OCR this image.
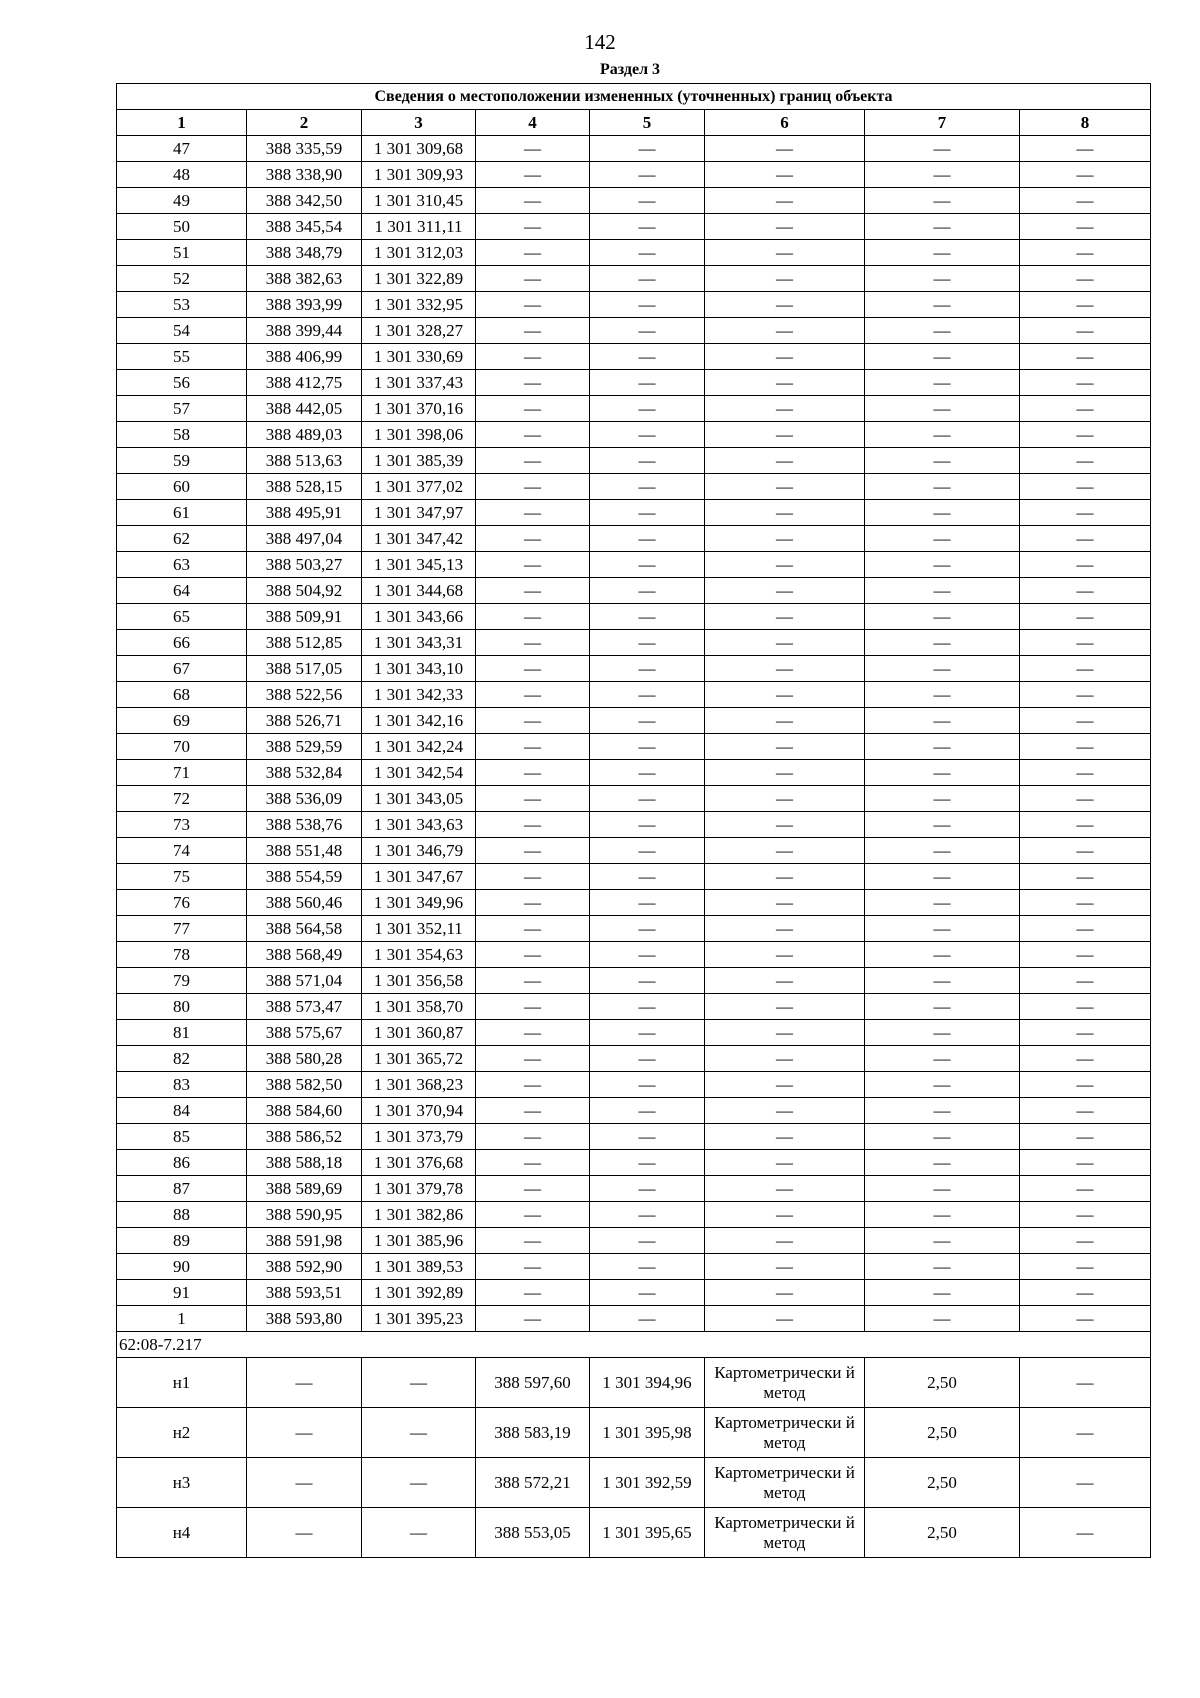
142
Раздел 3
Сведения о местоположении измененных (уточненных) границ объекта							
1	2	3	4	5	6	7	8
47	388 335,59	1 301 309,68	—	—	—	—	—
48	388 338,90	1 301 309,93	—	—	—	—	—
49	388 342,50	1 301 310,45	—	—	—	—	—
50	388 345,54	1 301 311,11	—	—	—	—	—
51	388 348,79	1 301 312,03	—	—	—	—	—
52	388 382,63	1 301 322,89	—	—	—	—	—
53	388 393,99	1 301 332,95	—	—	—	—	—
54	388 399,44	1 301 328,27	—	—	—	—	—
55	388 406,99	1 301 330,69	—	—	—	—	—
56	388 412,75	1 301 337,43	—	—	—	—	—
57	388 442,05	1 301 370,16	—	—	—	—	—
58	388 489,03	1 301 398,06	—	—	—	—	—
59	388 513,63	1 301 385,39	—	—	—	—	—
60	388 528,15	1 301 377,02	—	—	—	—	—
61	388 495,91	1 301 347,97	—	—	—	—	—
62	388 497,04	1 301 347,42	—	—	—	—	—
63	388 503,27	1 301 345,13	—	—	—	—	—
64	388 504,92	1 301 344,68	—	—	—	—	—
65	388 509,91	1 301 343,66	—	—	—	—	—
66	388 512,85	1 301 343,31	—	—	—	—	—
67	388 517,05	1 301 343,10	—	—	—	—	—
68	388 522,56	1 301 342,33	—	—	—	—	—
69	388 526,71	1 301 342,16	—	—	—	—	—
70	388 529,59	1 301 342,24	—	—	—	—	—
71	388 532,84	1 301 342,54	—	—	—	—	—
72	388 536,09	1 301 343,05	—	—	—	—	—
73	388 538,76	1 301 343,63	—	—	—	—	—
74	388 551,48	1 301 346,79	—	—	—	—	—
75	388 554,59	1 301 347,67	—	—	—	—	—
76	388 560,46	1 301 349,96	—	—	—	—	—
77	388 564,58	1 301 352,11	—	—	—	—	—
78	388 568,49	1 301 354,63	—	—	—	—	—
79	388 571,04	1 301 356,58	—	—	—	—	—
80	388 573,47	1 301 358,70	—	—	—	—	—
81	388 575,67	1 301 360,87	—	—	—	—	—
82	388 580,28	1 301 365,72	—	—	—	—	—
83	388 582,50	1 301 368,23	—	—	—	—	—
84	388 584,60	1 301 370,94	—	—	—	—	—
85	388 586,52	1 301 373,79	—	—	—	—	—
86	388 588,18	1 301 376,68	—	—	—	—	—
87	388 589,69	1 301 379,78	—	—	—	—	—
88	388 590,95	1 301 382,86	—	—	—	—	—
89	388 591,98	1 301 385,96	—	—	—	—	—
90	388 592,90	1 301 389,53	—	—	—	—	—
91	388 593,51	1 301 392,89	—	—	—	—	—
1	388 593,80	1 301 395,23	—	—	—	—	—
62:08-7.217							
н1	—	—	388 597,60	1 301 394,96	Картометрически й метод	2,50	—
н2	—	—	388 583,19	1 301 395,98	Картометрически й метод	2,50	—
н3	—	—	388 572,21	1 301 392,59	Картометрически й метод	2,50	—
н4	—	—	388 553,05	1 301 395,65	Картометрически й метод	2,50	—
